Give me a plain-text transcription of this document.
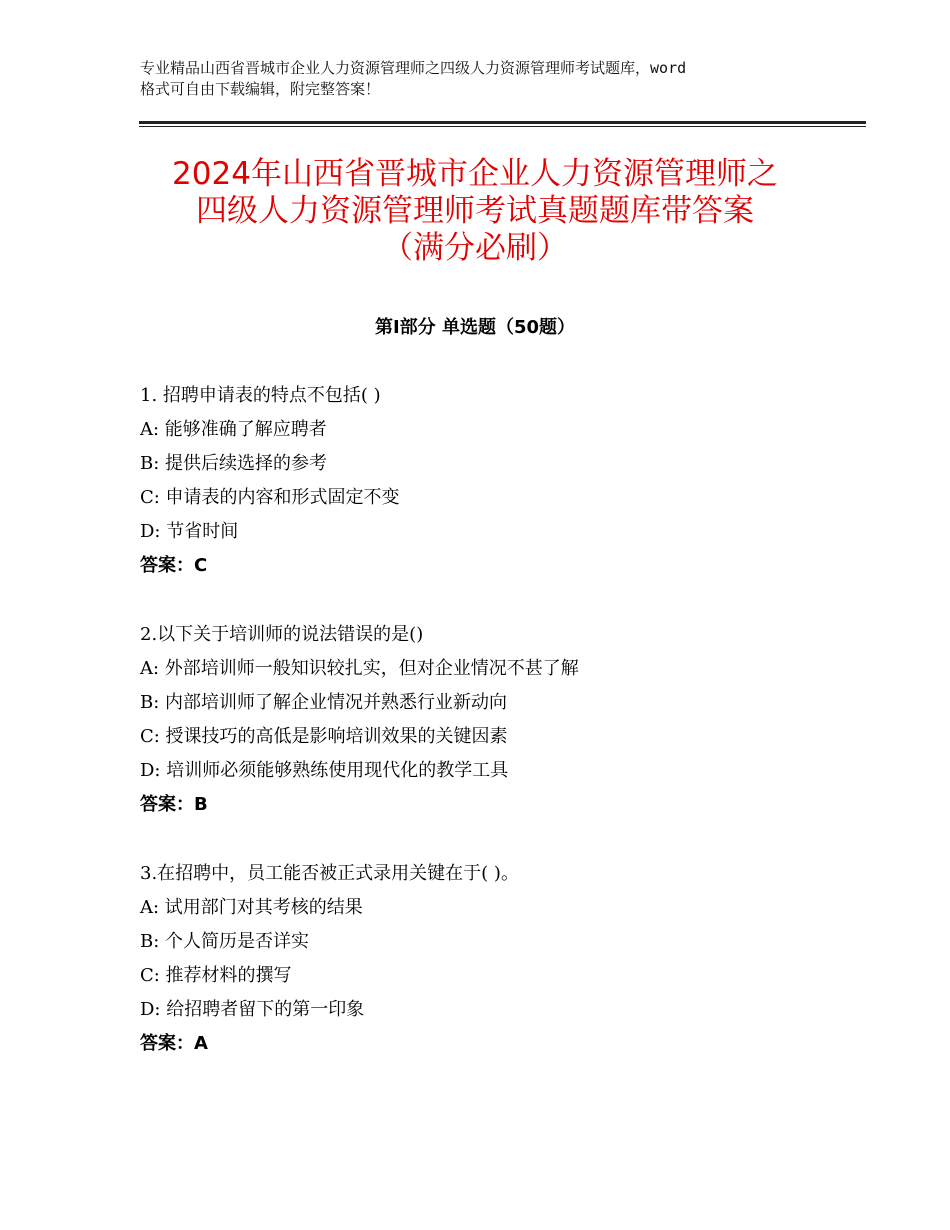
专业精品山西省晋城市企业人力资源管理师之四级人力资源管理师考试题库，word
格式可自由下载编辑，附完整答案！
2024年山西省晋城市企业人力资源管理师之
四级人力资源管理师考试真题题库带答案
（满分必刷）
第Ⅰ部分 单选题（50题）
1. 招聘申请表的特点不包括( )
A: 能够准确了解应聘者
B: 提供后续选择的参考
C: 申请表的内容和形式固定不变
D: 节省时间
答案：C
2.以下关于培训师的说法错误的是()
A: 外部培训师一般知识较扎实，但对企业情况不甚了解
B: 内部培训师了解企业情况并熟悉行业新动向
C: 授课技巧的高低是影响培训效果的关键因素
D: 培训师必须能够熟练使用现代化的教学工具
答案：B
3.在招聘中，员工能否被正式录用关键在于( )。
A: 试用部门对其考核的结果
B: 个人简历是否详实
C: 推荐材料的撰写
D: 给招聘者留下的第一印象
答案：A
